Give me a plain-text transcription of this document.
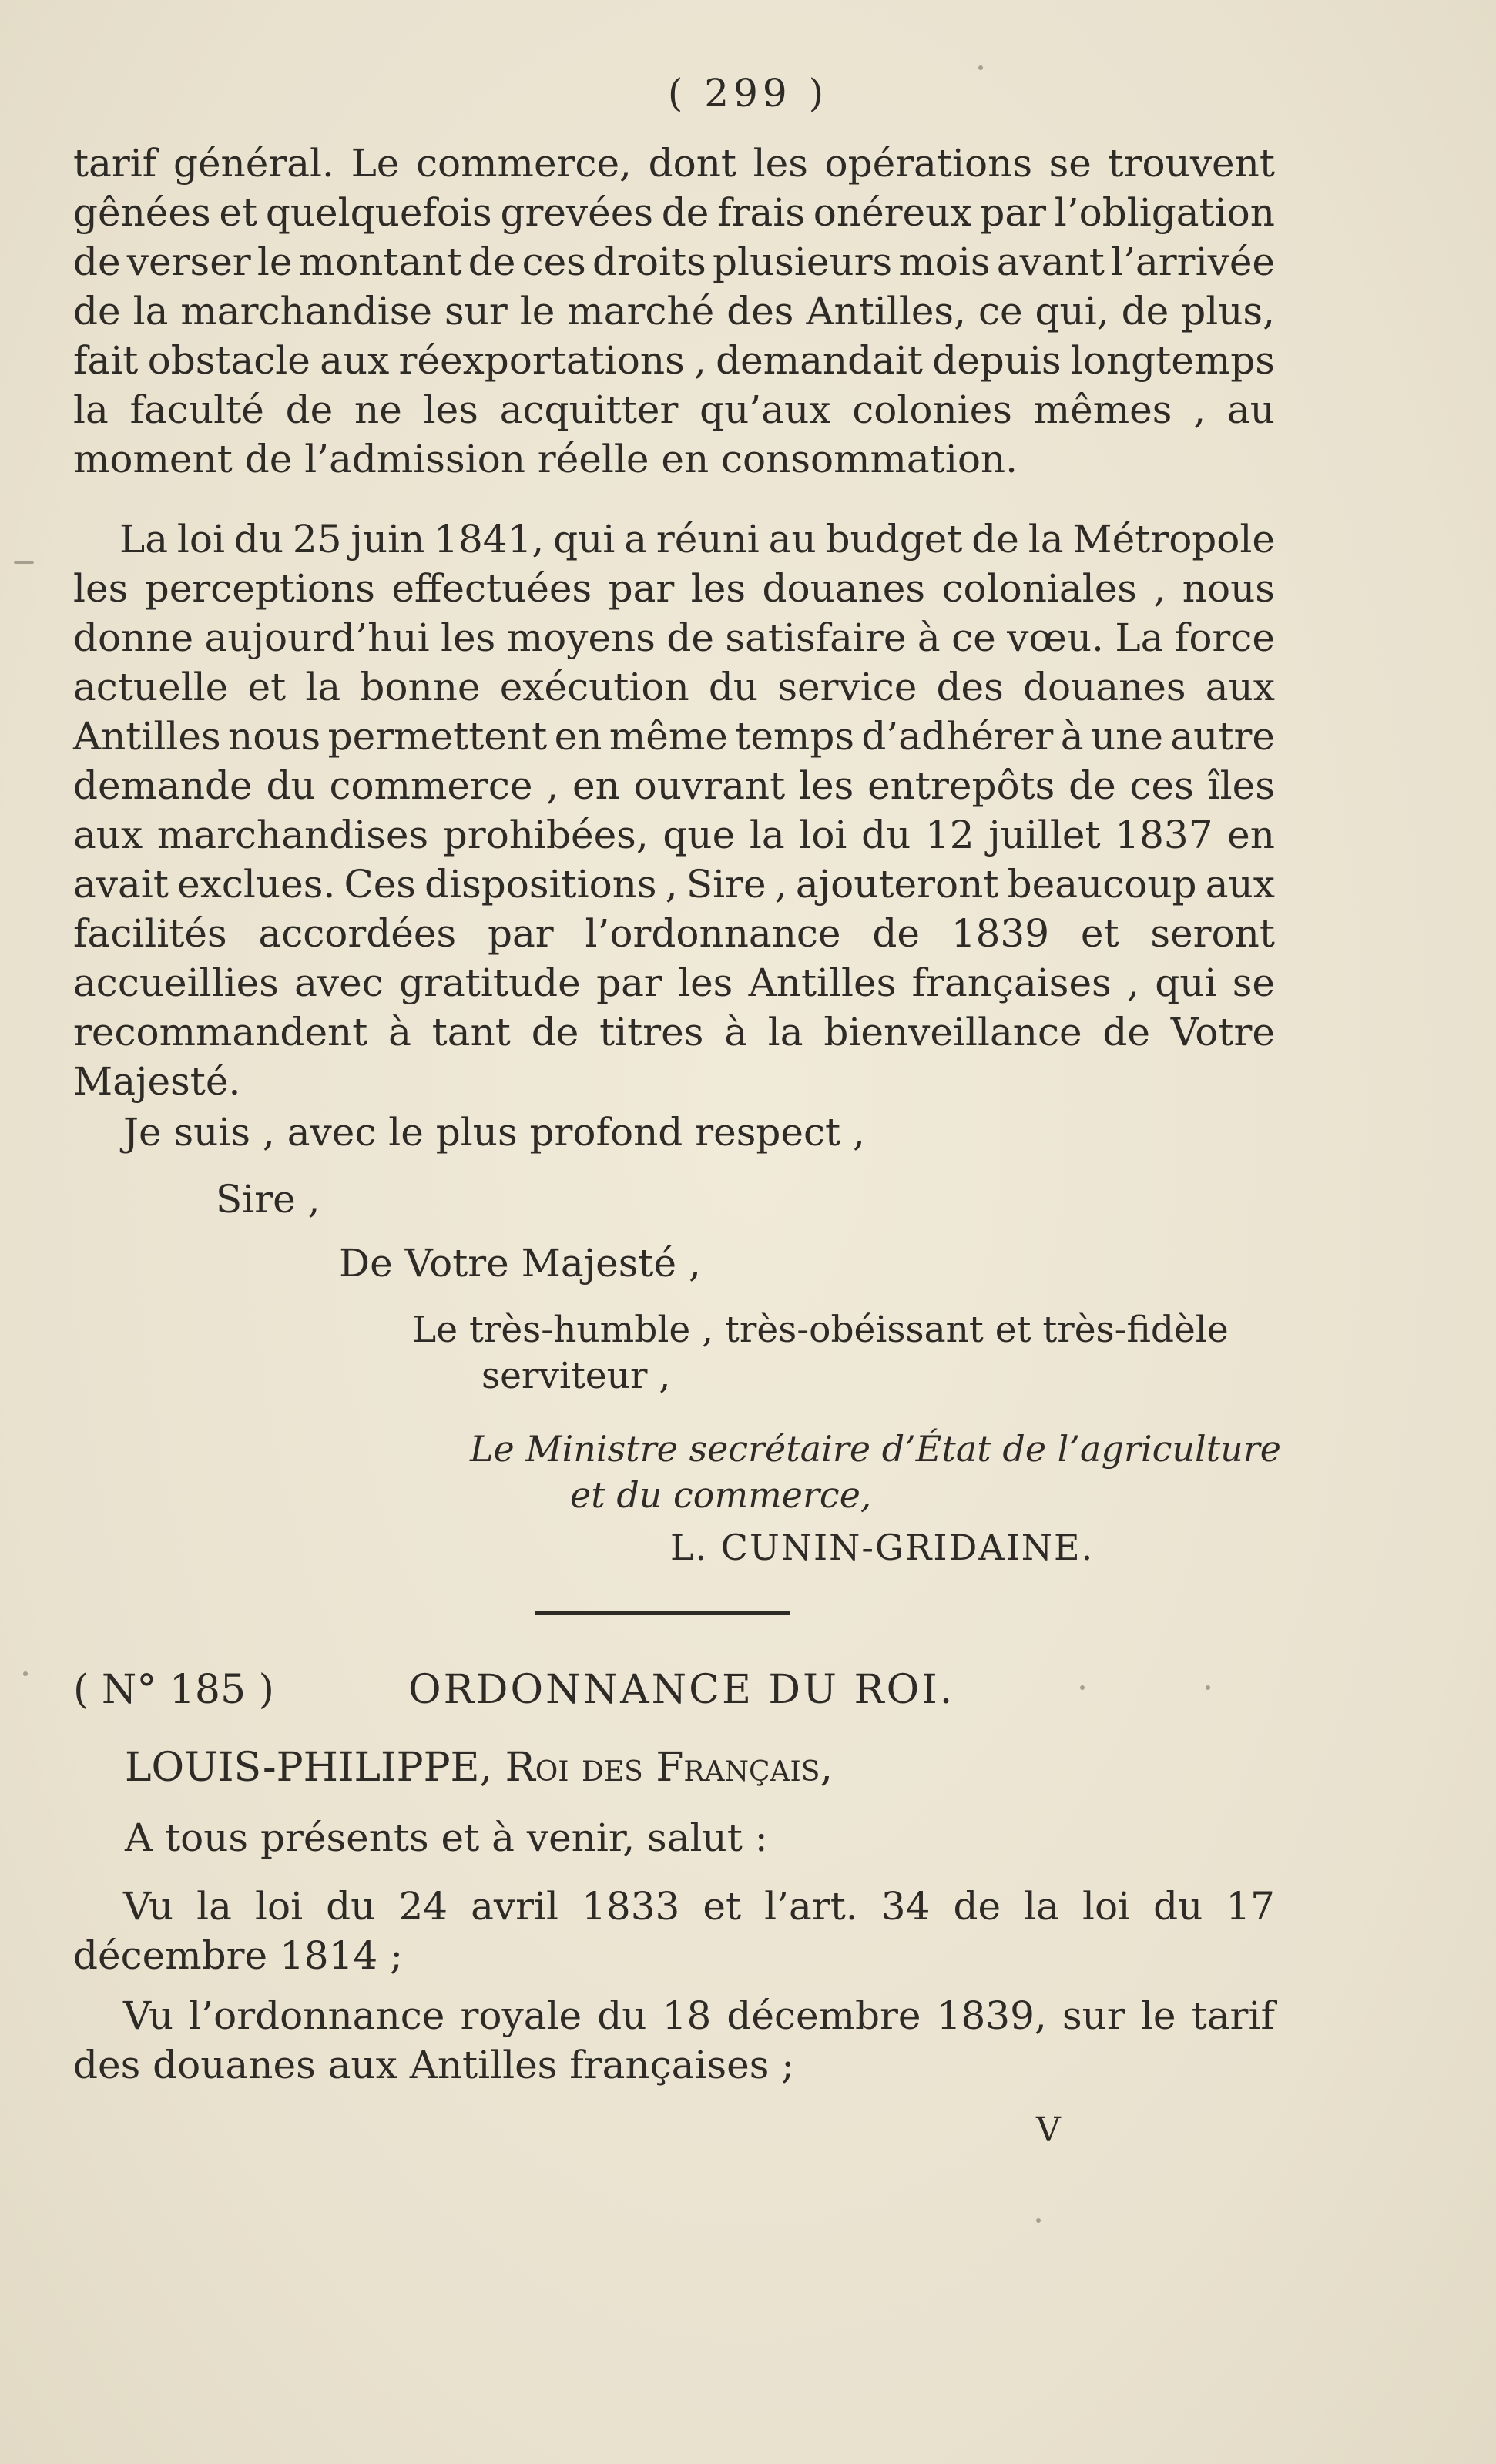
( 299 )
tarif général. Le commerce, dont les opérations se trouvent
gênées et quelquefois grevées de frais onéreux par l’obligation
de verser le montant de ces droits plusieurs mois avant l’arrivée
de la marchandise sur le marché des Antilles, ce qui, de plus,
fait obstacle aux réexportations , demandait depuis longtemps
la faculté de ne les acquitter qu’aux colonies mêmes , au
moment de l’admission réelle en consommation.
La loi du 25 juin 1841, qui a réuni au budget de la Métropole
les perceptions effectuées par les douanes coloniales , nous
donne aujourd’hui les moyens de satisfaire à ce vœu. La force
actuelle et la bonne exécution du service des douanes aux
Antilles nous permettent en même temps d’adhérer à une autre
demande du commerce , en ouvrant les entrepôts de ces îles
aux marchandises prohibées, que la loi du 12 juillet 1837 en
avait exclues. Ces dispositions , Sire , ajouteront beaucoup aux
facilités accordées par l’ordonnance de 1839 et seront
accueillies avec gratitude par les Antilles françaises , qui se
recommandent à tant de titres à la bienveillance de Votre
Majesté.
Je suis , avec le plus profond respect ,
Sire ,
De Votre Majesté ,
Le très-humble , très-obéissant et très-fidèle
serviteur ,
Le Ministre secrétaire d’État de l’agriculture
et du commerce,
L. CUNIN-GRIDAINE.
( N° 185 )	ORDONNANCE DU ROI.
LOUIS-PHILIPPE, Roi des Français,
A tous présents et à venir, salut :
Vu la loi du 24 avril 1833 et l’art. 34 de la loi du 17
décembre 1814 ;
Vu l’ordonnance royale du 18 décembre 1839, sur le tarif
des douanes aux Antilles françaises ;
V
